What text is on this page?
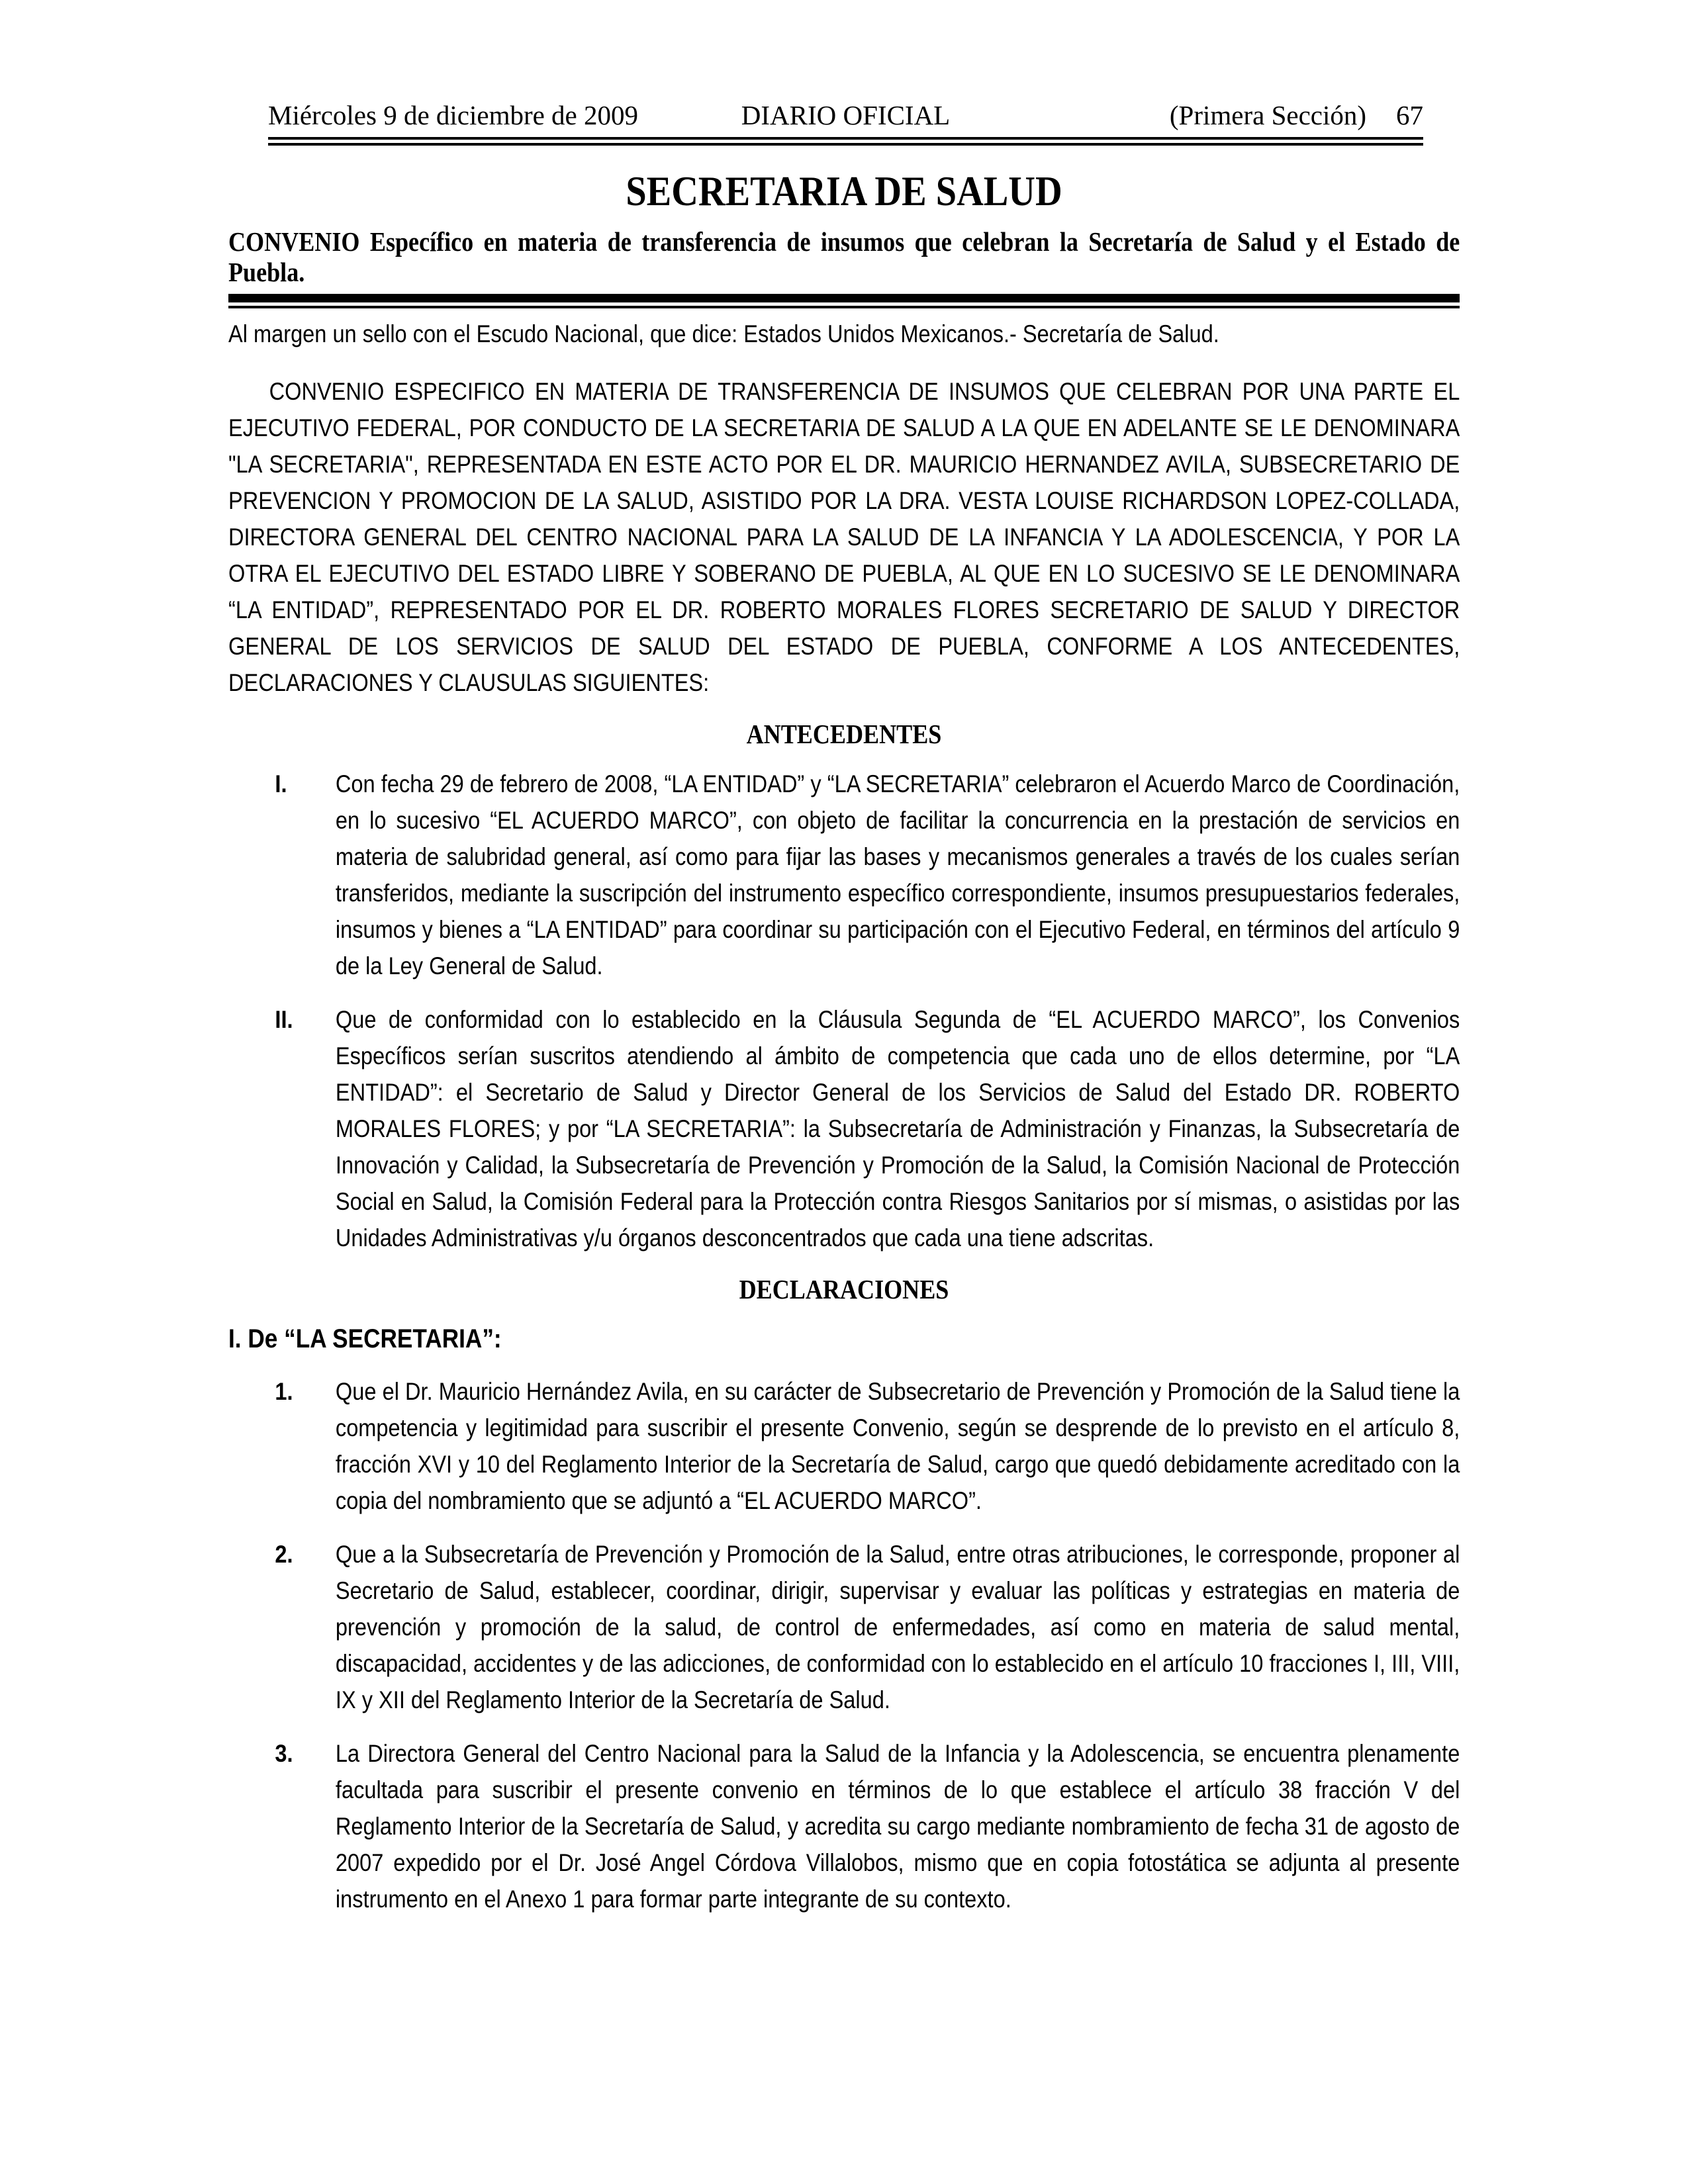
Miércoles 9 de diciembre de 2009	DIARIO OFICIAL	(Primera Sección) 67
SECRETARIA DE SALUD

CONVENIO Específico en materia de transferencia de insumos que celebran la Secretaría de Salud y el Estado de Puebla.

Al margen un sello con el Escudo Nacional, que dice: Estados Unidos Mexicanos.- Secretaría de Salud.

CONVENIO ESPECIFICO EN MATERIA DE TRANSFERENCIA DE INSUMOS QUE CELEBRAN POR UNA PARTE EL EJECUTIVO FEDERAL, POR CONDUCTO DE LA SECRETARIA DE SALUD A LA QUE EN ADELANTE SE LE DENOMINARA "LA SECRETARIA", REPRESENTADA EN ESTE ACTO POR EL DR. MAURICIO HERNANDEZ AVILA, SUBSECRETARIO DE PREVENCION Y PROMOCION DE LA SALUD, ASISTIDO POR LA DRA. VESTA LOUISE RICHARDSON LOPEZ-COLLADA, DIRECTORA GENERAL DEL CENTRO NACIONAL PARA LA SALUD DE LA INFANCIA Y LA ADOLESCENCIA, Y POR LA OTRA EL EJECUTIVO DEL ESTADO LIBRE Y SOBERANO DE PUEBLA, AL QUE EN LO SUCESIVO SE LE DENOMINARA “LA ENTIDAD”, REPRESENTADO POR EL DR. ROBERTO MORALES FLORES SECRETARIO DE SALUD Y DIRECTOR GENERAL DE LOS SERVICIOS DE SALUD DEL ESTADO DE PUEBLA, CONFORME A LOS ANTECEDENTES, DECLARACIONES Y CLAUSULAS SIGUIENTES:

ANTECEDENTES
I.	Con fecha 29 de febrero de 2008, “LA ENTIDAD” y “LA SECRETARIA” celebraron el Acuerdo Marco de Coordinación, en lo sucesivo “EL ACUERDO MARCO”, con objeto de facilitar la concurrencia en la prestación de servicios en materia de salubridad general, así como para fijar las bases y mecanismos generales a través de los cuales serían transferidos, mediante la suscripción del instrumento específico correspondiente, insumos presupuestarios federales, insumos y bienes a “LA ENTIDAD” para coordinar su participación con el Ejecutivo Federal, en términos del artículo 9 de la Ley General de Salud.
II.	Que de conformidad con lo establecido en la Cláusula Segunda de “EL ACUERDO MARCO”, los Convenios Específicos serían suscritos atendiendo al ámbito de competencia que cada uno de ellos determine, por “LA ENTIDAD”: el Secretario de Salud y Director General de los Servicios de Salud del Estado DR. ROBERTO MORALES FLORES; y por “LA SECRETARIA”: la Subsecretaría de Administración y Finanzas, la Subsecretaría de Innovación y Calidad, la Subsecretaría de Prevención y Promoción de la Salud, la Comisión Nacional de Protección Social en Salud, la Comisión Federal para la Protección contra Riesgos Sanitarios por sí mismas, o asistidas por las Unidades Administrativas y/u órganos desconcentrados que cada una tiene adscritas.
DECLARACIONES

I. De “LA SECRETARIA”:

1.	Que el Dr. Mauricio Hernández Avila, en su carácter de Subsecretario de Prevención y Promoción de la Salud tiene la competencia y legitimidad para suscribir el presente Convenio, según se desprende de lo previsto en el artículo 8, fracción XVI y 10 del Reglamento Interior de la Secretaría de Salud, cargo que quedó debidamente acreditado con la copia del nombramiento que se adjuntó a “EL ACUERDO MARCO”.
2.	Que a la Subsecretaría de Prevención y Promoción de la Salud, entre otras atribuciones, le corresponde, proponer al Secretario de Salud, establecer, coordinar, dirigir, supervisar y evaluar las políticas y estrategias en materia de prevención y promoción de la salud, de control de enfermedades, así como en materia de salud mental, discapacidad, accidentes y de las adicciones, de conformidad con lo establecido en el artículo 10 fracciones I, III, VIII, IX y XII del Reglamento Interior de la Secretaría de Salud.
3.	La Directora General del Centro Nacional para la Salud de la Infancia y la Adolescencia, se encuentra plenamente facultada para suscribir el presente convenio en términos de lo que establece el artículo 38 fracción V del Reglamento Interior de la Secretaría de Salud, y acredita su cargo mediante nombramiento de fecha 31 de agosto de 2007 expedido por el Dr. José Angel Córdova Villalobos, mismo que en copia fotostática se adjunta al presente instrumento en el Anexo 1 para formar parte integrante de su contexto.
